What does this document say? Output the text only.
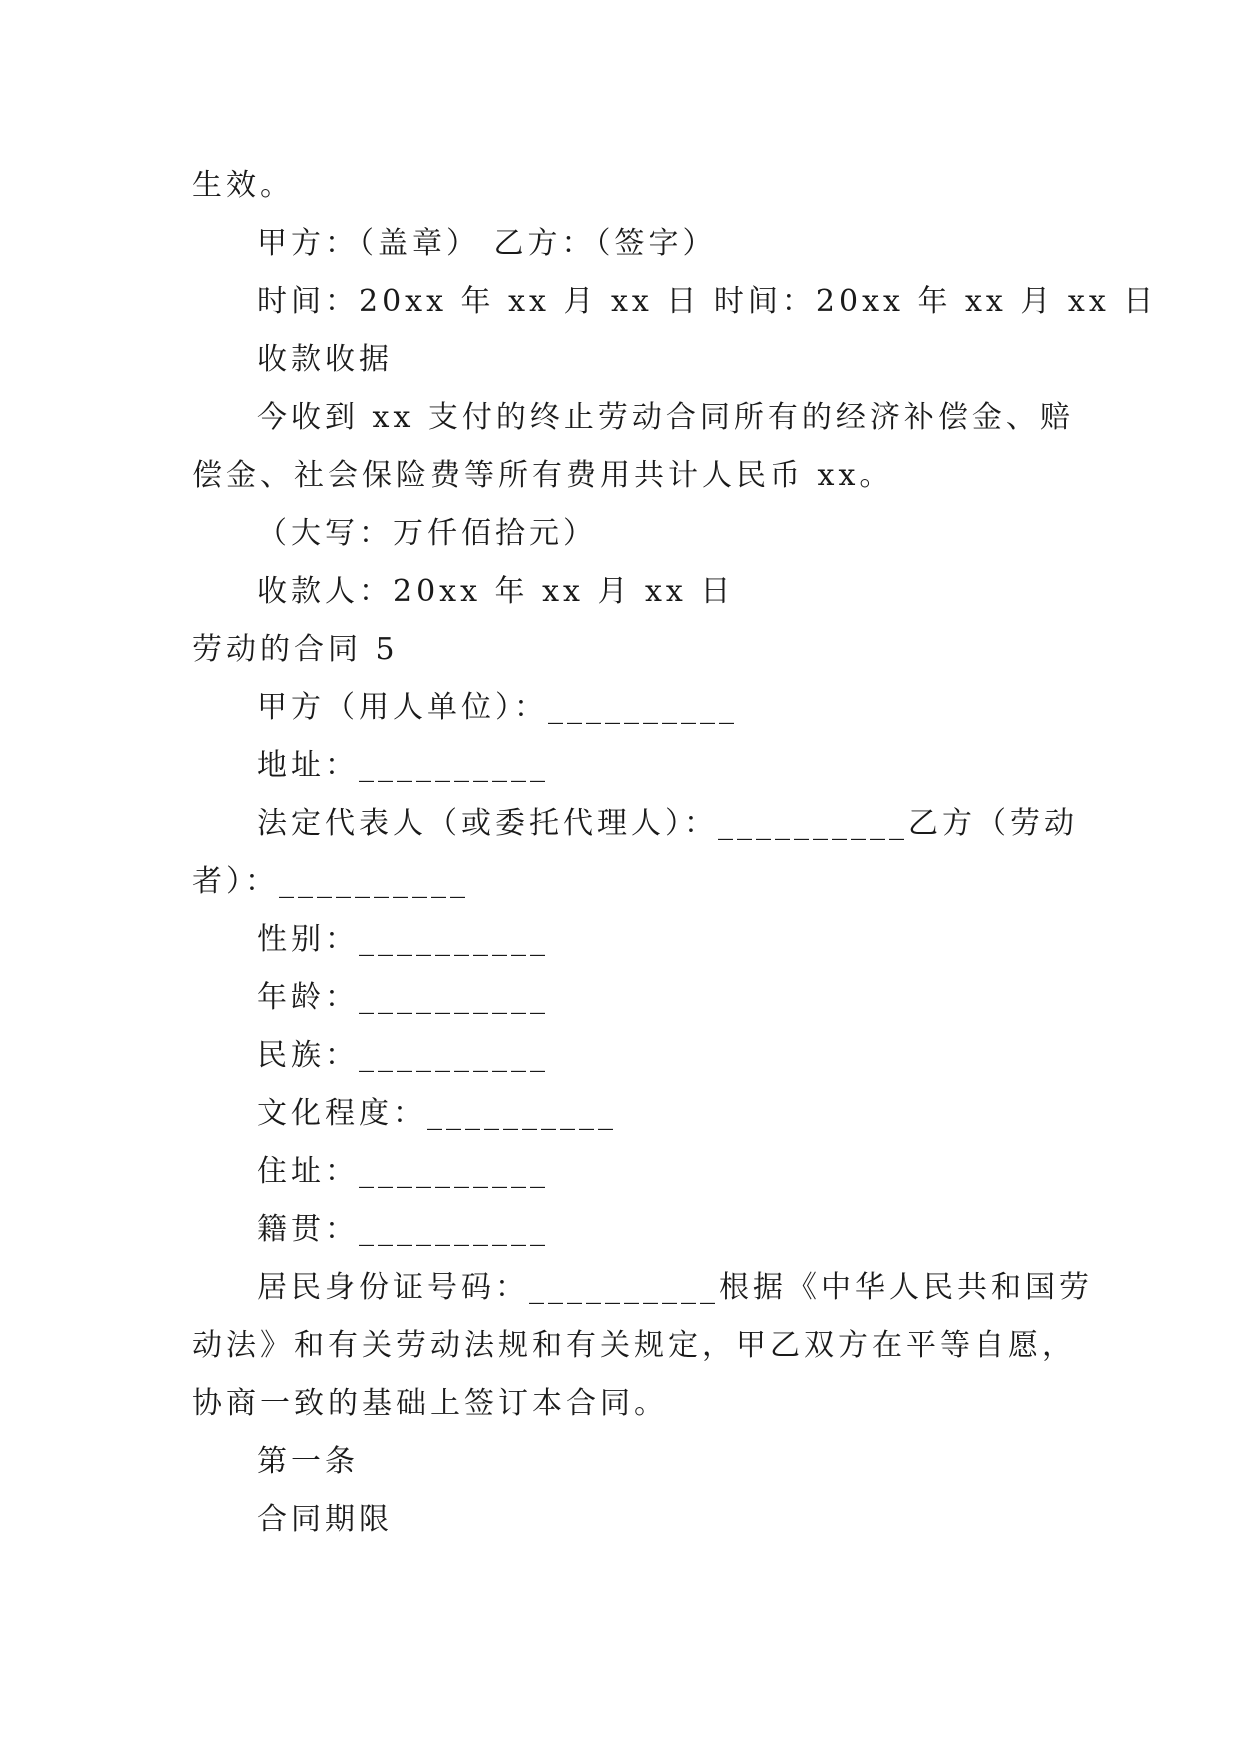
生效。
甲方：（盖章） 乙方：（签字）
时间：20xx 年 xx 月 xx 日 时间：20xx 年 xx 月 xx 日
收款收据
今收到 xx 支付的终止劳动合同所有的经济补偿金、赔
偿金、社会保险费等所有费用共计人民币 xx。
（大写：万仟佰拾元）
收款人：20xx 年 xx 月 xx 日
劳动的合同 5
甲方（用人单位）：__________
地址：__________
法定代表人（或委托代理人）：__________乙方（劳动
者）：__________
性别：__________
年龄：__________
民族：__________
文化程度：__________
住址：__________
籍贯：__________
居民身份证号码：__________根据《中华人民共和国劳
动法》和有关劳动法规和有关规定，甲乙双方在平等自愿，
协商一致的基础上签订本合同。
第一条
合同期限
